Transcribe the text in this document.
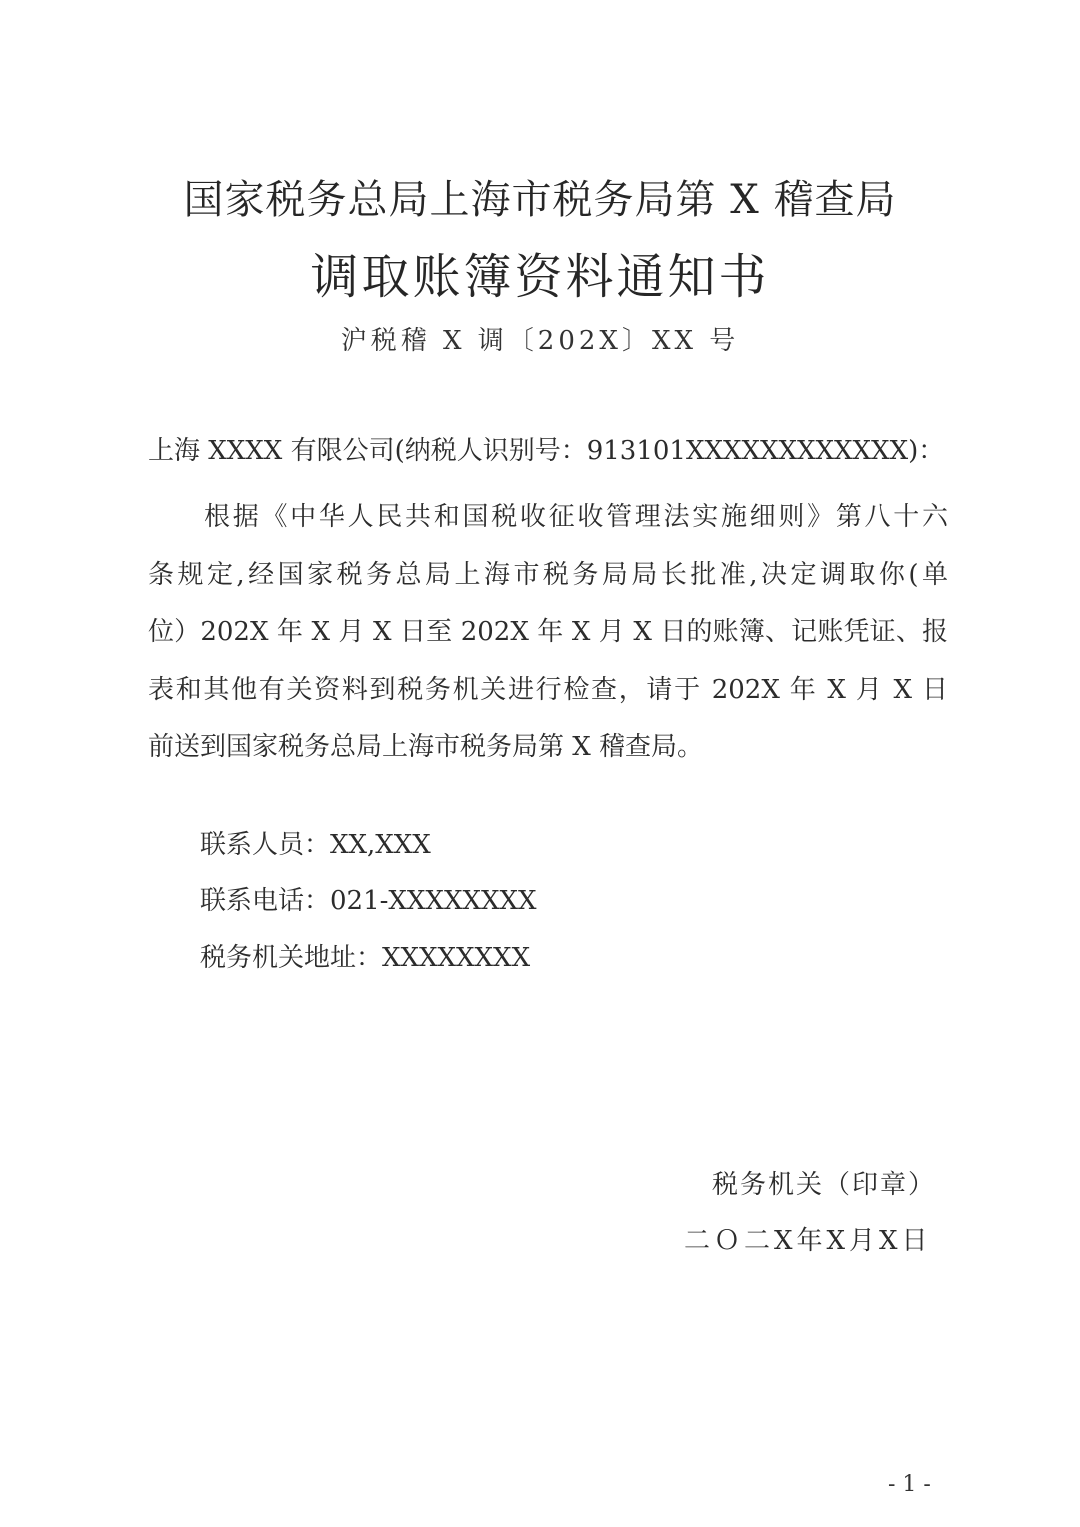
国家税务总局上海市税务局第 X 稽查局
调取账簿资料通知书
沪税稽 X 调〔202X〕XX 号
上海 XXXX 有限公司(纳税人识别号：913101XXXXXXXXXXXX)：
根据《中华人民共和国税收征收管理法实施细则》第八十六
条规定,经国家税务总局上海市税务局局长批准,决定调取你(单
位）202X 年 X 月 X 日至 202X 年 X 月 X 日的账簿、记账凭证、报
表和其他有关资料到税务机关进行检查，请于 202X 年 X 月 X 日
前送到国家税务总局上海市税务局第 X 稽查局。
联系人员：XX,XXX
联系电话：021-XXXXXXXX
税务机关地址：XXXXXXXX
税务机关（印章）
二Ｏ二X年X月X日
- 1 -
